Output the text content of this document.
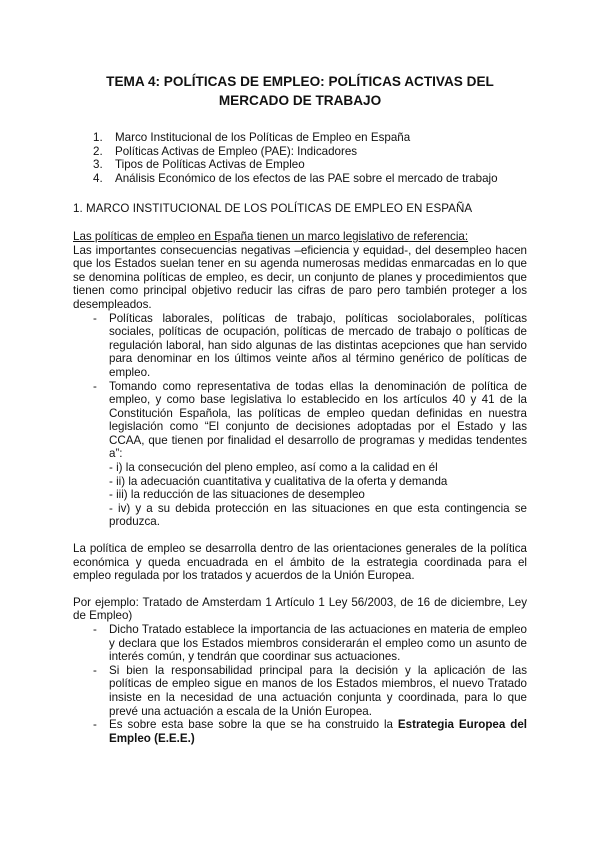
TEMA 4: POLÍTICAS DE EMPLEO: POLÍTICAS ACTIVAS DEL
MERCADO DE TRABAJO
1. Marco Institucional de los Políticas de Empleo en España
2. Políticas Activas de Empleo (PAE): Indicadores
3. Tipos de Políticas Activas de Empleo
4. Análisis Económico de los efectos de las PAE sobre el mercado de trabajo
1. MARCO INSTITUCIONAL DE LOS POLÍTICAS DE EMPLEO EN ESPAÑA
Las políticas de empleo en España tienen un marco legislativo de referencia:
Las importantes consecuencias negativas –eficiencia y equidad-, del desempleo hacen que los Estados suelan tener en su agenda numerosas medidas enmarcadas en lo que se denomina políticas de empleo, es decir, un conjunto de planes y procedimientos que tienen como principal objetivo reducir las cifras de paro pero también proteger a los desempleados.
- Políticas laborales, políticas de trabajo, políticas sociolaborales, políticas sociales, políticas de ocupación, políticas de mercado de trabajo o políticas de regulación laboral, han sido algunas de las distintas acepciones que han servido para denominar en los últimos veinte años al término genérico de políticas de empleo.
- Tomando como representativa de todas ellas la denominación de política de empleo, y como base legislativa lo establecido en los artículos 40 y 41 de la Constitución Española, las políticas de empleo quedan definidas en nuestra legislación como “El conjunto de decisiones adoptadas por el Estado y las CCAA, que tienen por finalidad el desarrollo de programas y medidas tendentes a”:
- i) la consecución del pleno empleo, así como a la calidad en él
- ii) la adecuación cuantitativa y cualitativa de la oferta y demanda
- iii) la reducción de las situaciones de desempleo
- iv) y a su debida protección en las situaciones en que esta contingencia se produzca.
La política de empleo se desarrolla dentro de las orientaciones generales de la política económica y queda encuadrada en el ámbito de la estrategia coordinada para el empleo regulada por los tratados y acuerdos de la Unión Europea.
Por ejemplo: Tratado de Amsterdam 1 Artículo 1 Ley 56/2003, de 16 de diciembre, Ley de Empleo)
- Dicho Tratado establece la importancia de las actuaciones en materia de empleo y declara que los Estados miembros considerarán el empleo como un asunto de interés común, y tendrán que coordinar sus actuaciones.
- Si bien la responsabilidad principal para la decisión y la aplicación de las políticas de empleo sigue en manos de los Estados miembros, el nuevo Tratado insiste en la necesidad de una actuación conjunta y coordinada, para lo que prevé una actuación a escala de la Unión Europea.
- Es sobre esta base sobre la que se ha construido la Estrategia Europea del Empleo (E.E.E.)
